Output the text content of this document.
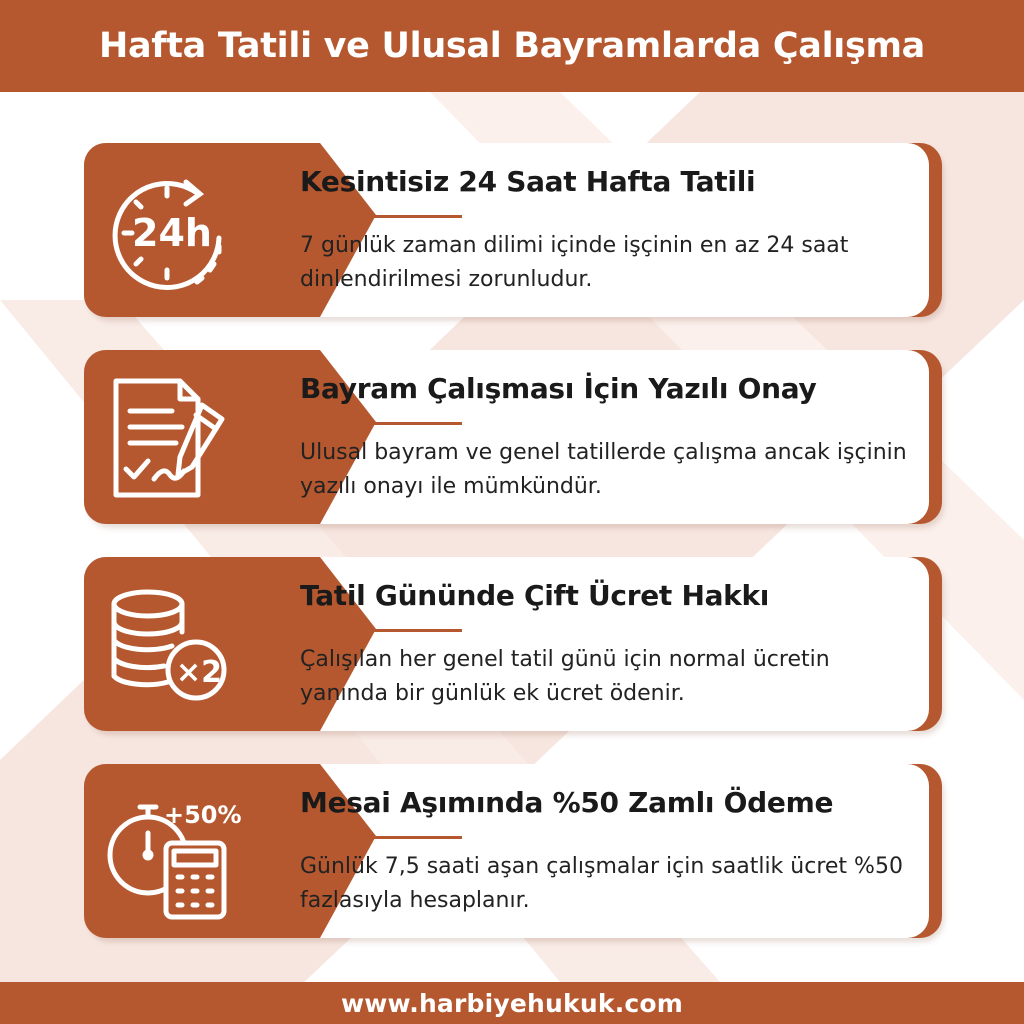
Hafta Tatili ve Ulusal Bayramlarda Çalışma
24h
Kesintisiz 24 Saat Hafta Tatili
7 günlük zaman dilimi içinde işçinin en az 24 saat dinlendirilmesi zorunludur.
Bayram Çalışması İçin Yazılı Onay
Ulusal bayram ve genel tatillerde çalışma ancak işçinin yazılı onayı ile mümkündür.
×2
Tatil Gününde Çift Ücret Hakkı
Çalışılan her genel tatil günü için normal ücretin yanında bir günlük ek ücret ödenir.
+50% Mesai Aşımında %50 Zamlı Ödeme
Günlük 7,5 saati aşan çalışmalar için saatlik ücret %50 fazlasıyla hesaplanır.
www.harbiyehukuk.com
